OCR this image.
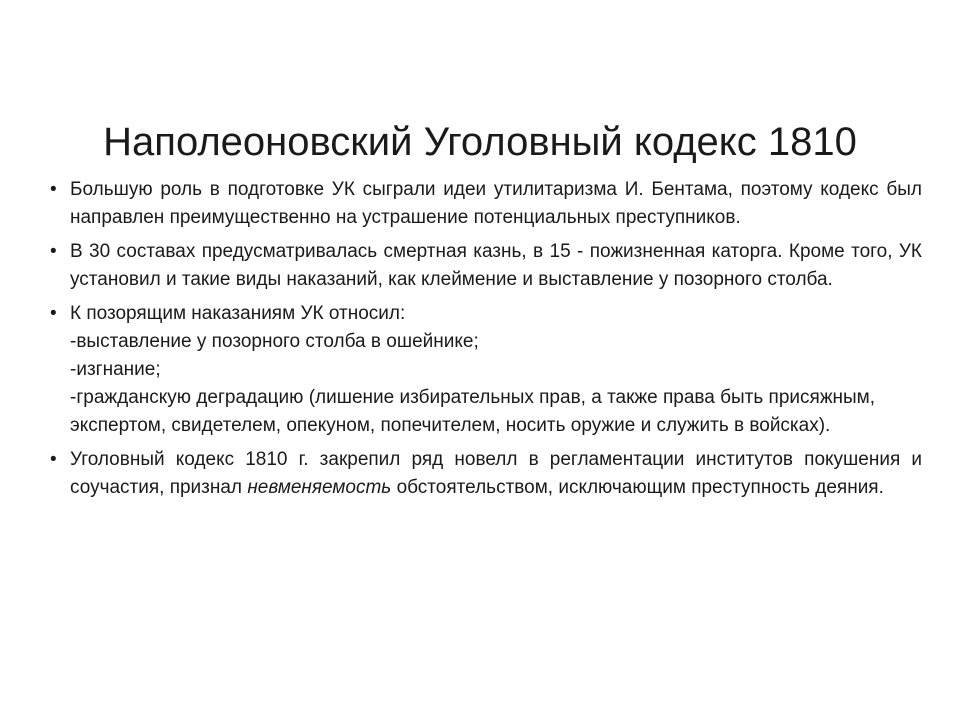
Наполеоновский Уголовный кодекс 1810
• Большую роль в подготовке УК сыграли идеи утилитаризма И. Бентама, поэтому кодекс был направлен преимущественно на устрашение потенциальных преступников.
• В 30 составах предусматривалась смертная казнь, в 15 - пожизненная каторга. Кроме того, УК установил и такие виды наказаний, как клеймение и выставление у позорного столба.
• К позорящим наказаниям УК относил:
-выставление у позорного столба в ошейнике;
-изгнание;
-гражданскую деградацию (лишение избирательных прав, а также права быть присяжным, экспертом, свидетелем, опекуном, попечителем, носить оружие и служить в войсках).
• Уголовный кодекс 1810 г. закрепил ряд новелл в регламентации институтов покушения и соучастия, признал невменяемость обстоятельством, исключающим преступность деяния.
